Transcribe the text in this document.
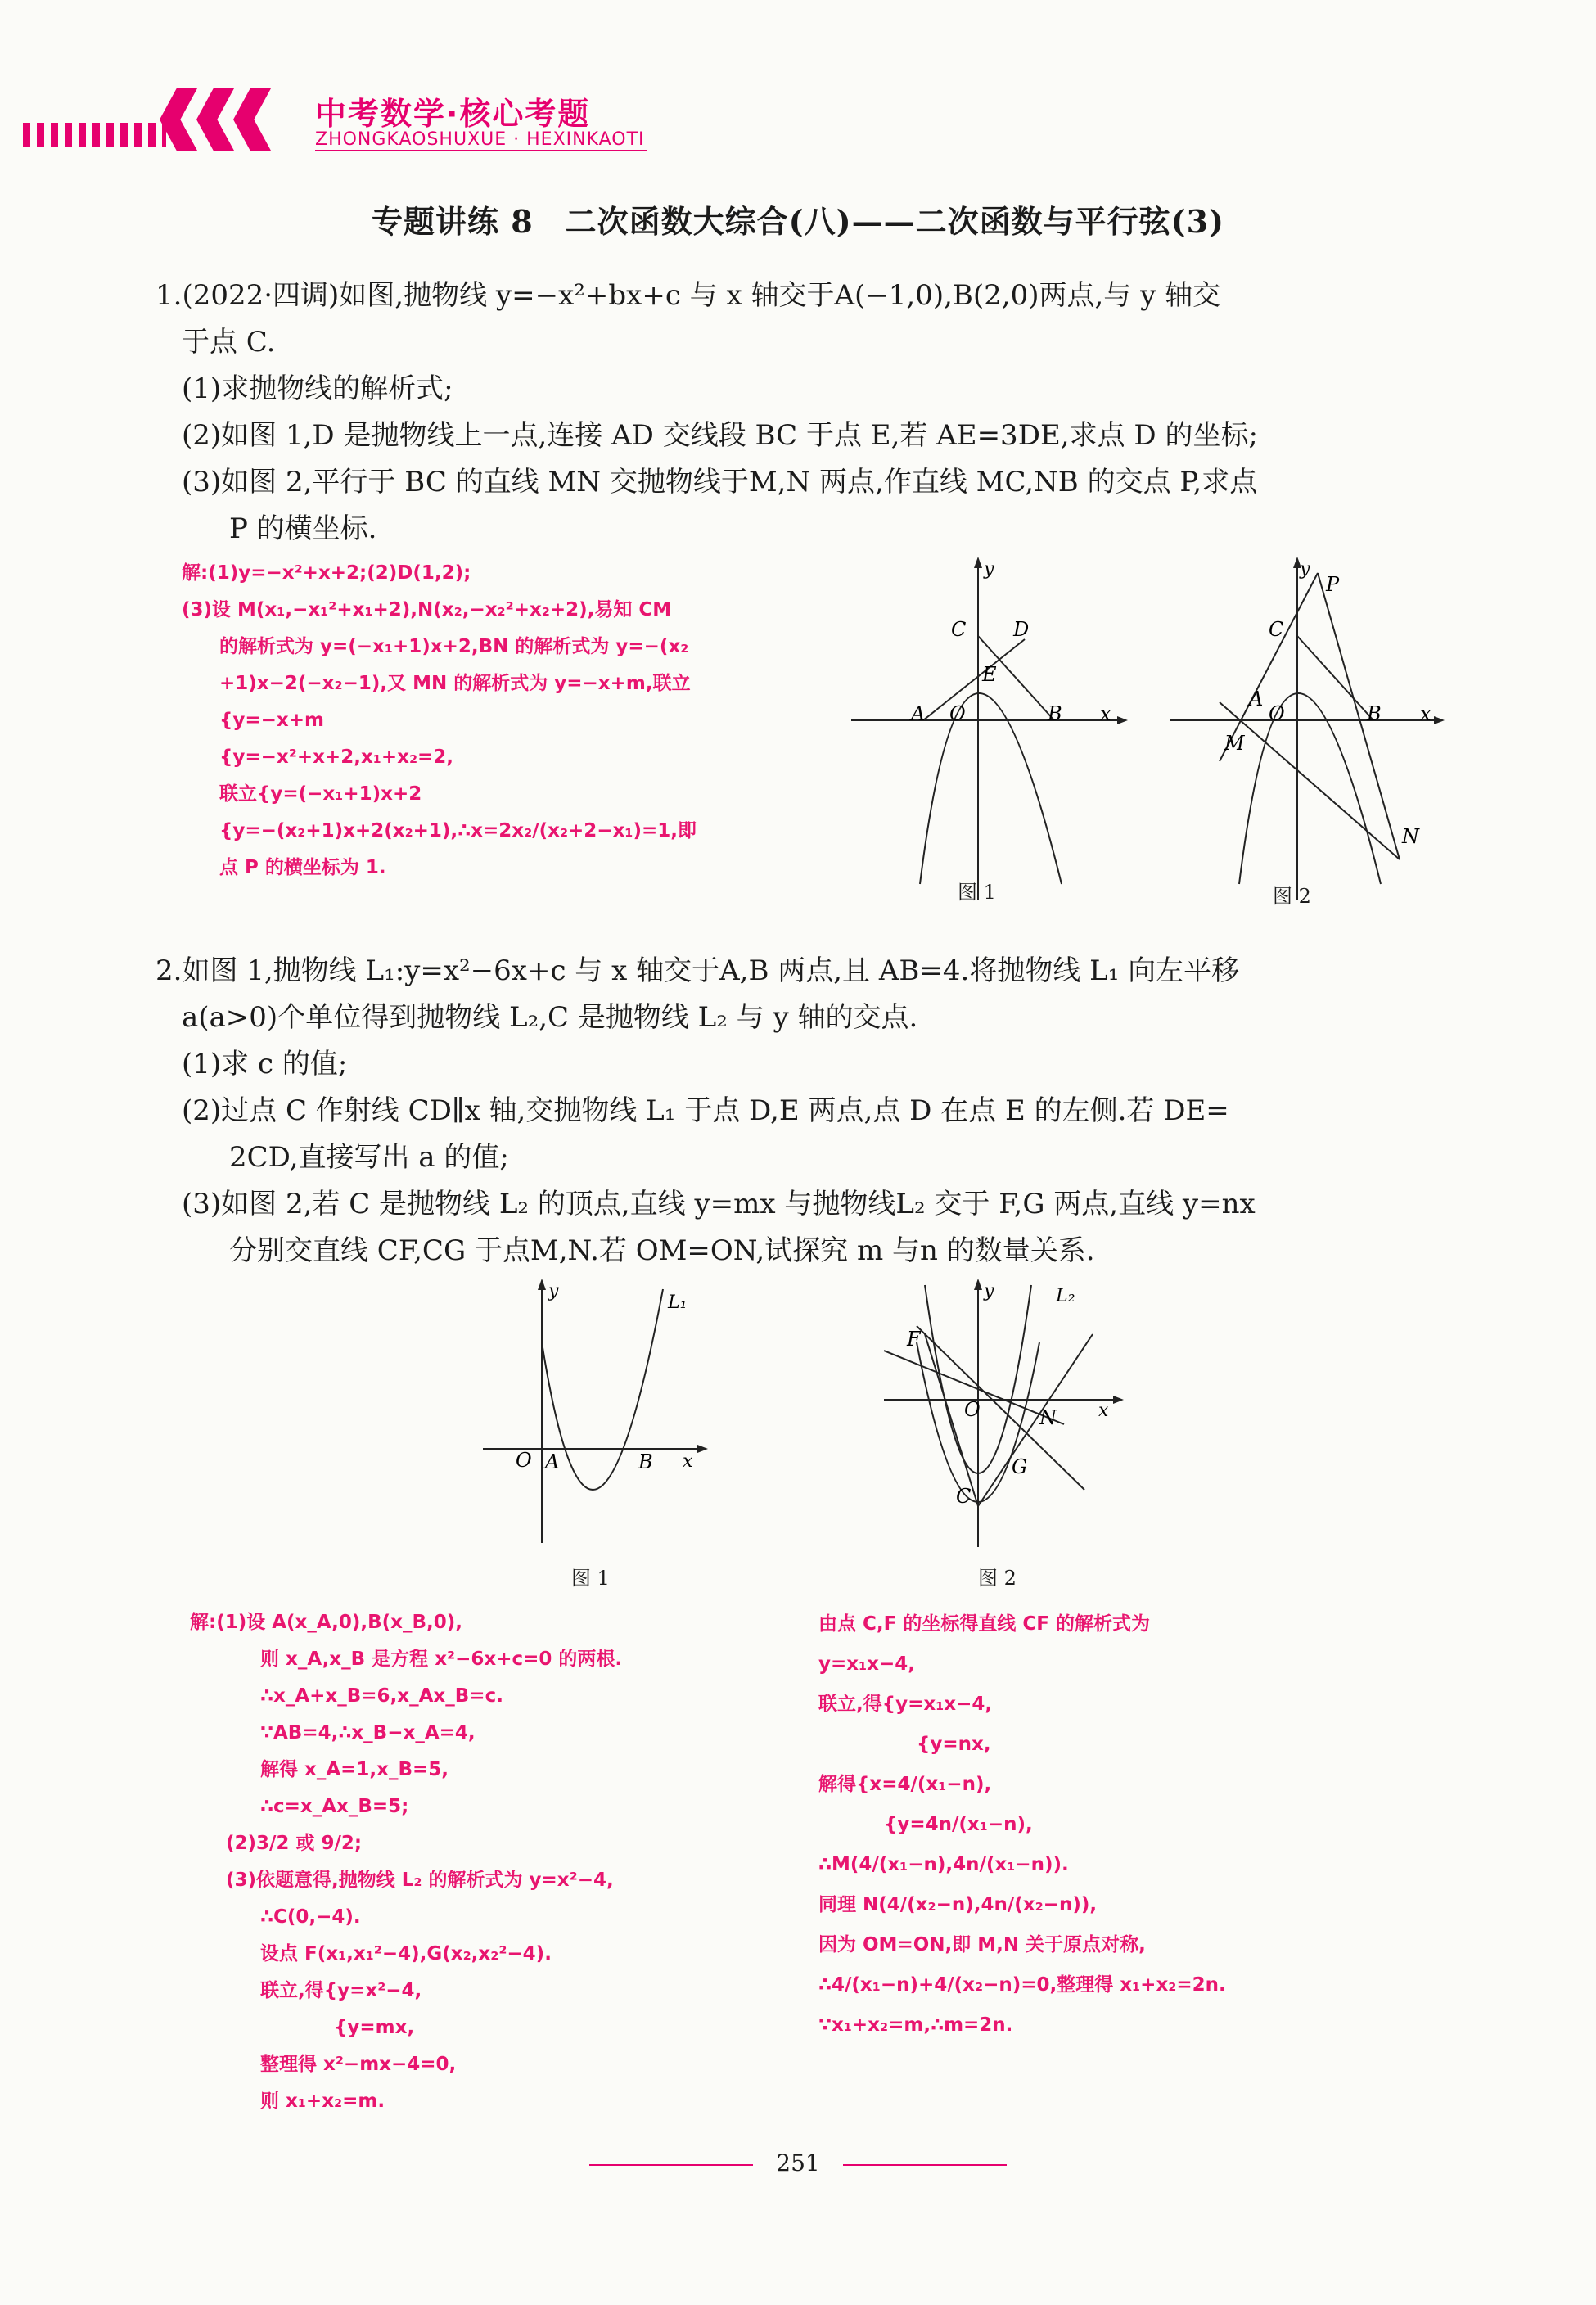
中考数学·核心考题
ZHONGKAOSHUXUE · HEXINKAOTI
专题讲练 8　二次函数大综合(八)——二次函数与平行弦(3)

1.(2022·四调)如图,抛物线 y=−x²+bx+c 与 x 轴交于A(−1,0),B(2,0)两点,与 y 轴交

于点 C.

(1)求抛物线的解析式;

(2)如图 1,D 是抛物线上一点,连接 AD 交线段 BC 于点 E,若 AE=3DE,求点 D 的坐标;

(3)如图 2,平行于 BC 的直线 MN 交抛物线于M,N 两点,作直线 MC,NB 的交点 P,求点

P 的横坐标.

解:(1)y=−x²+x+2;(2)D(1,2);

(3)设 M(x₁,−x₁²+x₁+2),N(x₂,−x₂²+x₂+2),易知 CM

的解析式为 y=(−x₁+1)x+2,BN 的解析式为 y=−(x₂

+1)x−2(−x₂−1),又 MN 的解析式为 y=−x+m,联立

{y=−x+m

{y=−x²+x+2,x₁+x₂=2,

联立{y=(−x₁+1)x+2

{y=−(x₂+1)x+2(x₂+1),∴x=2x₂/(x₂+2−x₁)=1,即

点 P 的横坐标为 1.

y
C D
E
A O	B x
图 1
y
P
C
A
O	B x
M
N
图 2

2.如图 1,抛物线 L₁:y=x²−6x+c 与 x 轴交于A,B 两点,且 AB=4.将抛物线 L₁ 向左平移

a(a>0)个单位得到抛物线 L₂,C 是抛物线 L₂ 与 y 轴的交点.

(1)求 c 的值;

(2)过点 C 作射线 CD∥x 轴,交抛物线 L₁ 于点 D,E 两点,点 D 在点 E 的左侧.若 DE=

2CD,直接写出 a 的值;

(3)如图 2,若 C 是抛物线 L₂ 的顶点,直线 y=mx 与抛物线L₂ 交于 F,G 两点,直线 y=nx

分别交直线 CF,CG 于点M,N.若 OM=ON,试探究 m 与n 的数量关系.

y
L₁
O A	B x
图 1
y	L₂
F
O	x
N
G
C
图 2

解:(1)设 A(x_A,0),B(x_B,0),

则 x_A,x_B 是方程 x²−6x+c=0 的两根.

∴x_A+x_B=6,x_Ax_B=c.

∵AB=4,∴x_B−x_A=4,

解得 x_A=1,x_B=5,

∴c=x_Ax_B=5;

(2)3/2 或 9/2;

(3)依题意得,抛物线 L₂ 的解析式为 y=x²−4,

∴C(0,−4).

设点 F(x₁,x₁²−4),G(x₂,x₂²−4).

联立,得{y=x²−4,

{y=mx,

整理得 x²−mx−4=0,

则 x₁+x₂=m.

由点 C,F 的坐标得直线 CF 的解析式为

y=x₁x−4,

联立,得{y=x₁x−4,

{y=nx,

解得{x=4/(x₁−n),

{y=4n/(x₁−n),

∴M(4/(x₁−n),4n/(x₁−n)).

同理 N(4/(x₂−n),4n/(x₂−n)),

因为 OM=ON,即 M,N 关于原点对称,

∴4/(x₁−n)+4/(x₂−n)=0,整理得 x₁+x₂=2n.

∵x₁+x₂=m,∴m=2n.

251
